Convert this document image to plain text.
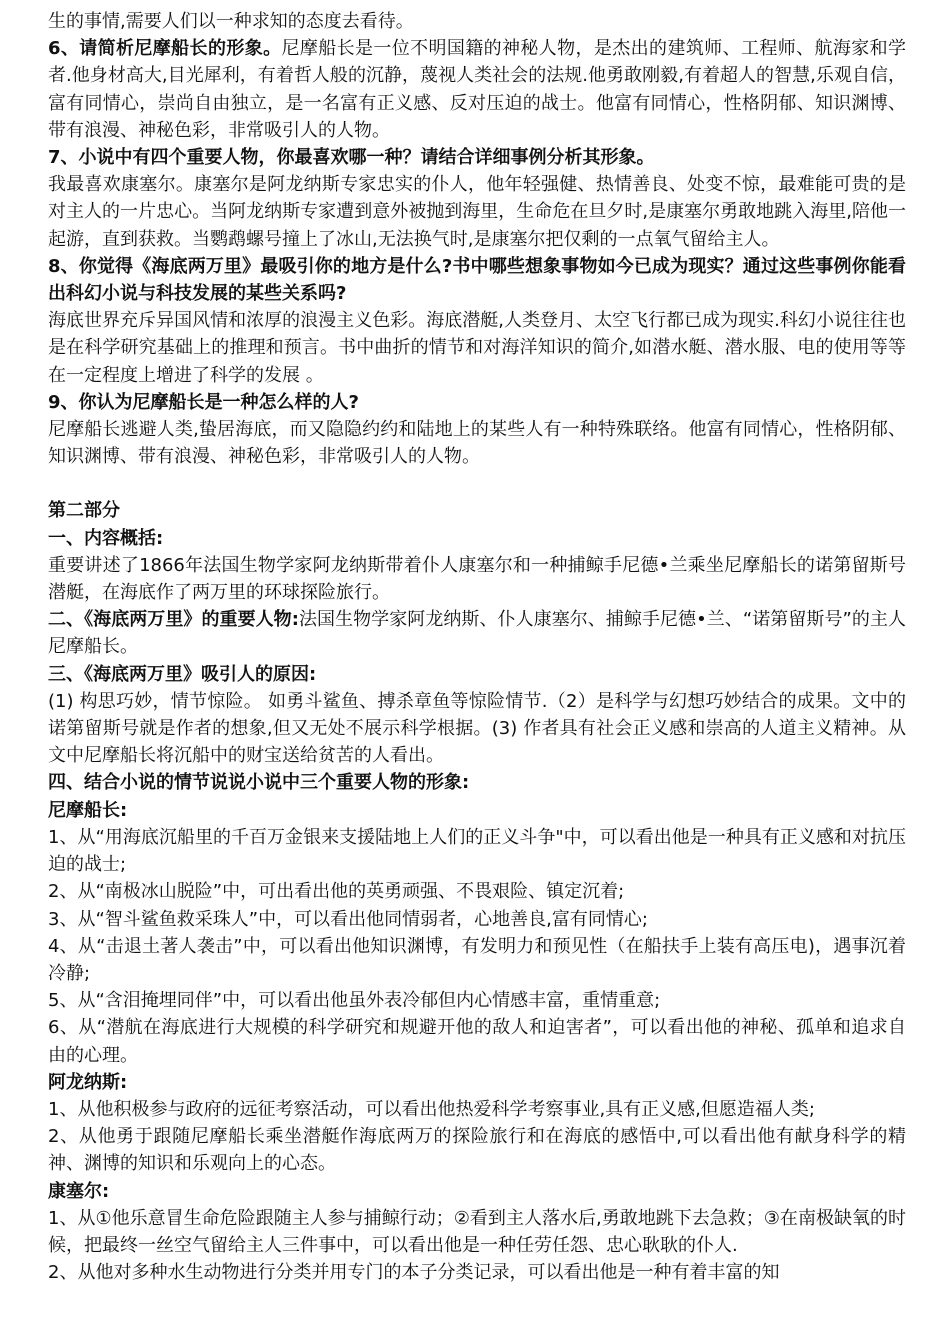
生的事情,需要人们以一种求知的态度去看待。

6、请简析尼摩船长的形象。尼摩船长是一位不明国籍的神秘人物，是杰出的建筑师、工程师、航海家和学者.他身材高大,目光犀利，有着哲人般的沉静，蔑视人类社会的法规.他勇敢刚毅,有着超人的智慧,乐观自信，富有同情心，崇尚自由独立，是一名富有正义感、反对压迫的战士。他富有同情心，性格阴郁、知识渊博、带有浪漫、神秘色彩，非常吸引人的人物。

7、小说中有四个重要人物，你最喜欢哪一种？请结合详细事例分析其形象。

我最喜欢康塞尔。康塞尔是阿龙纳斯专家忠实的仆人，他年轻强健、热情善良、处变不惊，最难能可贵的是对主人的一片忠心。当阿龙纳斯专家遭到意外被抛到海里，生命危在旦夕时,是康塞尔勇敢地跳入海里,陪他一起游，直到获救。当鹦鹉螺号撞上了冰山,无法换气时,是康塞尔把仅剩的一点氧气留给主人。

8、你觉得《海底两万里》最吸引你的地方是什么?书中哪些想象事物如今已成为现实？通过这些事例你能看出科幻小说与科技发展的某些关系吗?

海底世界充斥异国风情和浓厚的浪漫主义色彩。海底潜艇,人类登月、太空飞行都已成为现实.科幻小说往往也是在科学研究基础上的推理和预言。书中曲折的情节和对海洋知识的简介,如潜水艇、潜水服、电的使用等等在一定程度上增进了科学的发展 。

9、你认为尼摩船长是一种怎么样的人?

尼摩船长逃避人类,蛰居海底，而又隐隐约约和陆地上的某些人有一种特殊联络。他富有同情心，性格阴郁、知识渊博、带有浪漫、神秘色彩，非常吸引人的人物。

第二部分

一、内容概括:

重要讲述了1866年法国生物学家阿龙纳斯带着仆人康塞尔和一种捕鲸手尼德•兰乘坐尼摩船长的诺第留斯号潜艇，在海底作了两万里的环球探险旅行。

二、《海底两万里》的重要人物:法国生物学家阿龙纳斯、仆人康塞尔、捕鲸手尼德•兰、“诺第留斯号”的主人尼摩船长。

三、《海底两万里》吸引人的原因:

(1) 构思巧妙，情节惊险。 如勇斗鲨鱼、搏杀章鱼等惊险情节.（2）是科学与幻想巧妙结合的成果。文中的诺第留斯号就是作者的想象,但又无处不展示科学根据。(3) 作者具有社会正义感和崇高的人道主义精神。从文中尼摩船长将沉船中的财宝送给贫苦的人看出。

四、结合小说的情节说说小说中三个重要人物的形象:

尼摩船长:

1、从“用海底沉船里的千百万金银来支援陆地上人们的正义斗争"中，可以看出他是一种具有正义感和对抗压迫的战士;

2、从“南极冰山脱险”中，可出看出他的英勇顽强、不畏艰险、镇定沉着;

3、从“智斗鲨鱼救采珠人”中，可以看出他同情弱者，心地善良,富有同情心;

4、从“击退土著人袭击”中，可以看出他知识渊博，有发明力和预见性（在船扶手上装有高压电)，遇事沉着冷静;

5、从“含泪掩埋同伴”中，可以看出他虽外表冷郁但内心情感丰富，重情重意;

6、从“潜航在海底进行大规模的科学研究和规避开他的敌人和迫害者”，可以看出他的神秘、孤单和追求自由的心理。

阿龙纳斯:

1、从他积极参与政府的远征考察活动，可以看出他热爱科学考察事业,具有正义感,但愿造福人类;

2、从他勇于跟随尼摩船长乘坐潜艇作海底两万的探险旅行和在海底的感悟中,可以看出他有献身科学的精神、渊博的知识和乐观向上的心态。

康塞尔:

1、从①他乐意冒生命危险跟随主人参与捕鲸行动；②看到主人落水后,勇敢地跳下去急救；③在南极缺氧的时候，把最终一丝空气留给主人三件事中，可以看出他是一种任劳任怨、忠心耿耿的仆人.

2、从他对多种水生动物进行分类并用专门的本子分类记录，可以看出他是一种有着丰富的知
